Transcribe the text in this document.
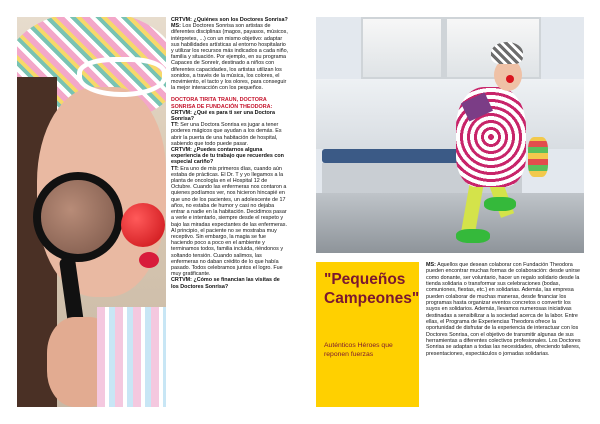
CRTVM: ¿Quiénes son los Doctores Sonrisa?

MS: Los Doctores Sonrisa son artistas de diferentes disciplinas (magos, payasos, músicos, intérpretes, ...) con un mismo objetivo: adaptar sus habilidades artísticas al entorno hospitalario y utilizar los recursos más indicados a cada niño, familia y situación. Por ejemplo, en su programa Capaces de Sonreír, destinado a niños con diferentes capacidades, los artistas utilizan los sonidos, a través de la música, los colores, el movimiento, el tacto y los olores, para conseguir la mejor interacción con los pequeños.

DOCTORA TIRITA TRAUN, DOCTORA SONRISA DE FUNDACIÓN THEODORA:

CRTVM: ¿Qué es para ti ser una Doctora Sonrisa?

TT: Ser una Doctora Sonrisa es jugar a tener poderes mágicos que ayudan a los demás. Es abrir la puerta de una habitación de hospital, sabiendo que todo puede pasar.

CRTVM: ¿Puedes contarnos alguna experiencia de tu trabajo que recuerdes con especial cariño?

TT: Era uno de mis primeros días, cuando aún estaba de prácticas. El Dr. T y yo llegamos a la planta de oncología en el Hospital 12 de Octubre. Cuando las enfermeras nos contaron a quienes podíamos ver, nos hicieron hincapié en que uno de los pacientes, un adolescente de 17 años, no estaba de humor y casi no dejaba entrar a nadie en la habitación. Decidimos pasar a verle e intentarlo, siempre desde el respeto y bajo las miradas expectantes de las enfermeras. Al principio, el paciente no se mostraba muy receptivo. Sin embargo, la magia se fue haciendo poco a poco en el ambiente y terminamos todos, familia incluida, riéndonos y soltando tensión. Cuando salimos, las enfermeras no daban crédito de lo que había pasado. Todos celebramos juntos el logro. Fue muy gratificante.

CRTVM: ¿Cómo se financian las visitas de los Doctores Sonrisa?	"Pequeños Campeones"

Auténticos Héroes que reponen fuerzas

MS: Aquellos que desean colaborar con Fundación Theodora pueden encontrar muchas formas de colaboración: desde unirse como donante, ser voluntario, hacer un regalo solidario desde la tienda solidaria o transformar sus celebraciones (bodas, comuniones, fiestas, etc.) en solidarias. Además, las empresa pueden colaborar de muchas maneras, desde financiar los programas hasta organizar eventos concretos o convertir los suyos en solidarios. Además, llevamos numerosas iniciativas destinadas a sensibilizar a la sociedad acerca de la labor. Entre ellas, el Programa de Experiencias Theodora ofrece la oportunidad de disfrutar de la experiencia de interactuar con los Doctores Sonrisa, con el objetivo de transmitir algunas de sus herramientas a diferentes colectivos profesionales. Los Doctores Sonrisa se adaptan a todas las necesidades, ofreciendo talleres, presentaciones, espectáculos o jornadas solidarias.
